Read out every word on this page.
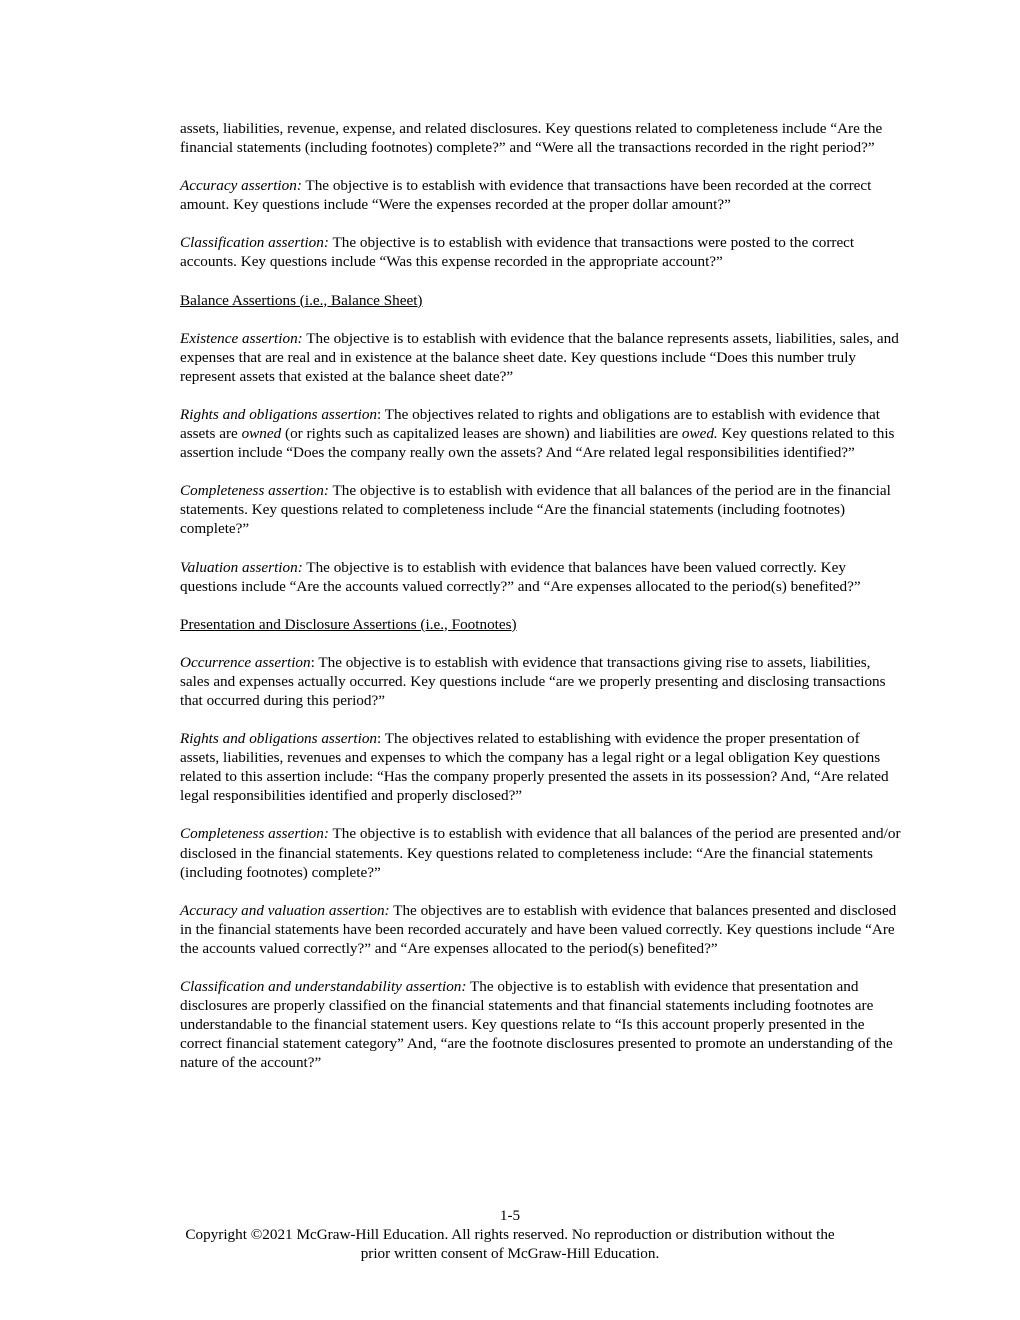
assets, liabilities, revenue, expense, and related disclosures. Key questions related to completeness include “Are the financial statements (including footnotes) complete?” and “Were all the transactions recorded in the right period?”

Accuracy assertion: The objective is to establish with evidence that transactions have been recorded at the correct amount. Key questions include “Were the expenses recorded at the proper dollar amount?”

Classification assertion: The objective is to establish with evidence that transactions were posted to the correct accounts. Key questions include “Was this expense recorded in the appropriate account?”

Balance Assertions (i.e., Balance Sheet)

Existence assertion: The objective is to establish with evidence that the balance represents assets, liabilities, sales, and expenses that are real and in existence at the balance sheet date. Key questions include “Does this number truly represent assets that existed at the balance sheet date?”

Rights and obligations assertion: The objectives related to rights and obligations are to establish with evidence that assets are owned (or rights such as capitalized leases are shown) and liabilities are owed. Key questions related to this assertion include “Does the company really own the assets? And “Are related legal responsibilities identified?”

Completeness assertion: The objective is to establish with evidence that all balances of the period are in the financial statements. Key questions related to completeness include “Are the financial statements (including footnotes) complete?”

Valuation assertion: The objective is to establish with evidence that balances have been valued correctly. Key questions include “Are the accounts valued correctly?” and “Are expenses allocated to the period(s) benefited?”

Presentation and Disclosure Assertions (i.e., Footnotes)

Occurrence assertion: The objective is to establish with evidence that transactions giving rise to assets, liabilities, sales and expenses actually occurred. Key questions include “are we properly presenting and disclosing transactions that occurred during this period?”

Rights and obligations assertion: The objectives related to establishing with evidence the proper presentation of assets, liabilities, revenues and expenses to which the company has a legal right or a legal obligation Key questions related to this assertion include: “Has the company properly presented the assets in its possession? And, “Are related legal responsibilities identified and properly disclosed?”

Completeness assertion: The objective is to establish with evidence that all balances of the period are presented and/or disclosed in the financial statements. Key questions related to completeness include: “Are the financial statements (including footnotes) complete?”

Accuracy and valuation assertion: The objectives are to establish with evidence that balances presented and disclosed in the financial statements have been recorded accurately and have been valued correctly. Key questions include “Are the accounts valued correctly?” and “Are expenses allocated to the period(s) benefited?”

Classification and understandability assertion: The objective is to establish with evidence that presentation and disclosures are properly classified on the financial statements and that financial statements including footnotes are understandable to the financial statement users. Key questions relate to “Is this account properly presented in the correct financial statement category” And, “are the footnote disclosures presented to promote an understanding of the nature of the account?”

1-5
Copyright ©2021 McGraw-Hill Education. All rights reserved. No reproduction or distribution without the
prior written consent of McGraw-Hill Education.
